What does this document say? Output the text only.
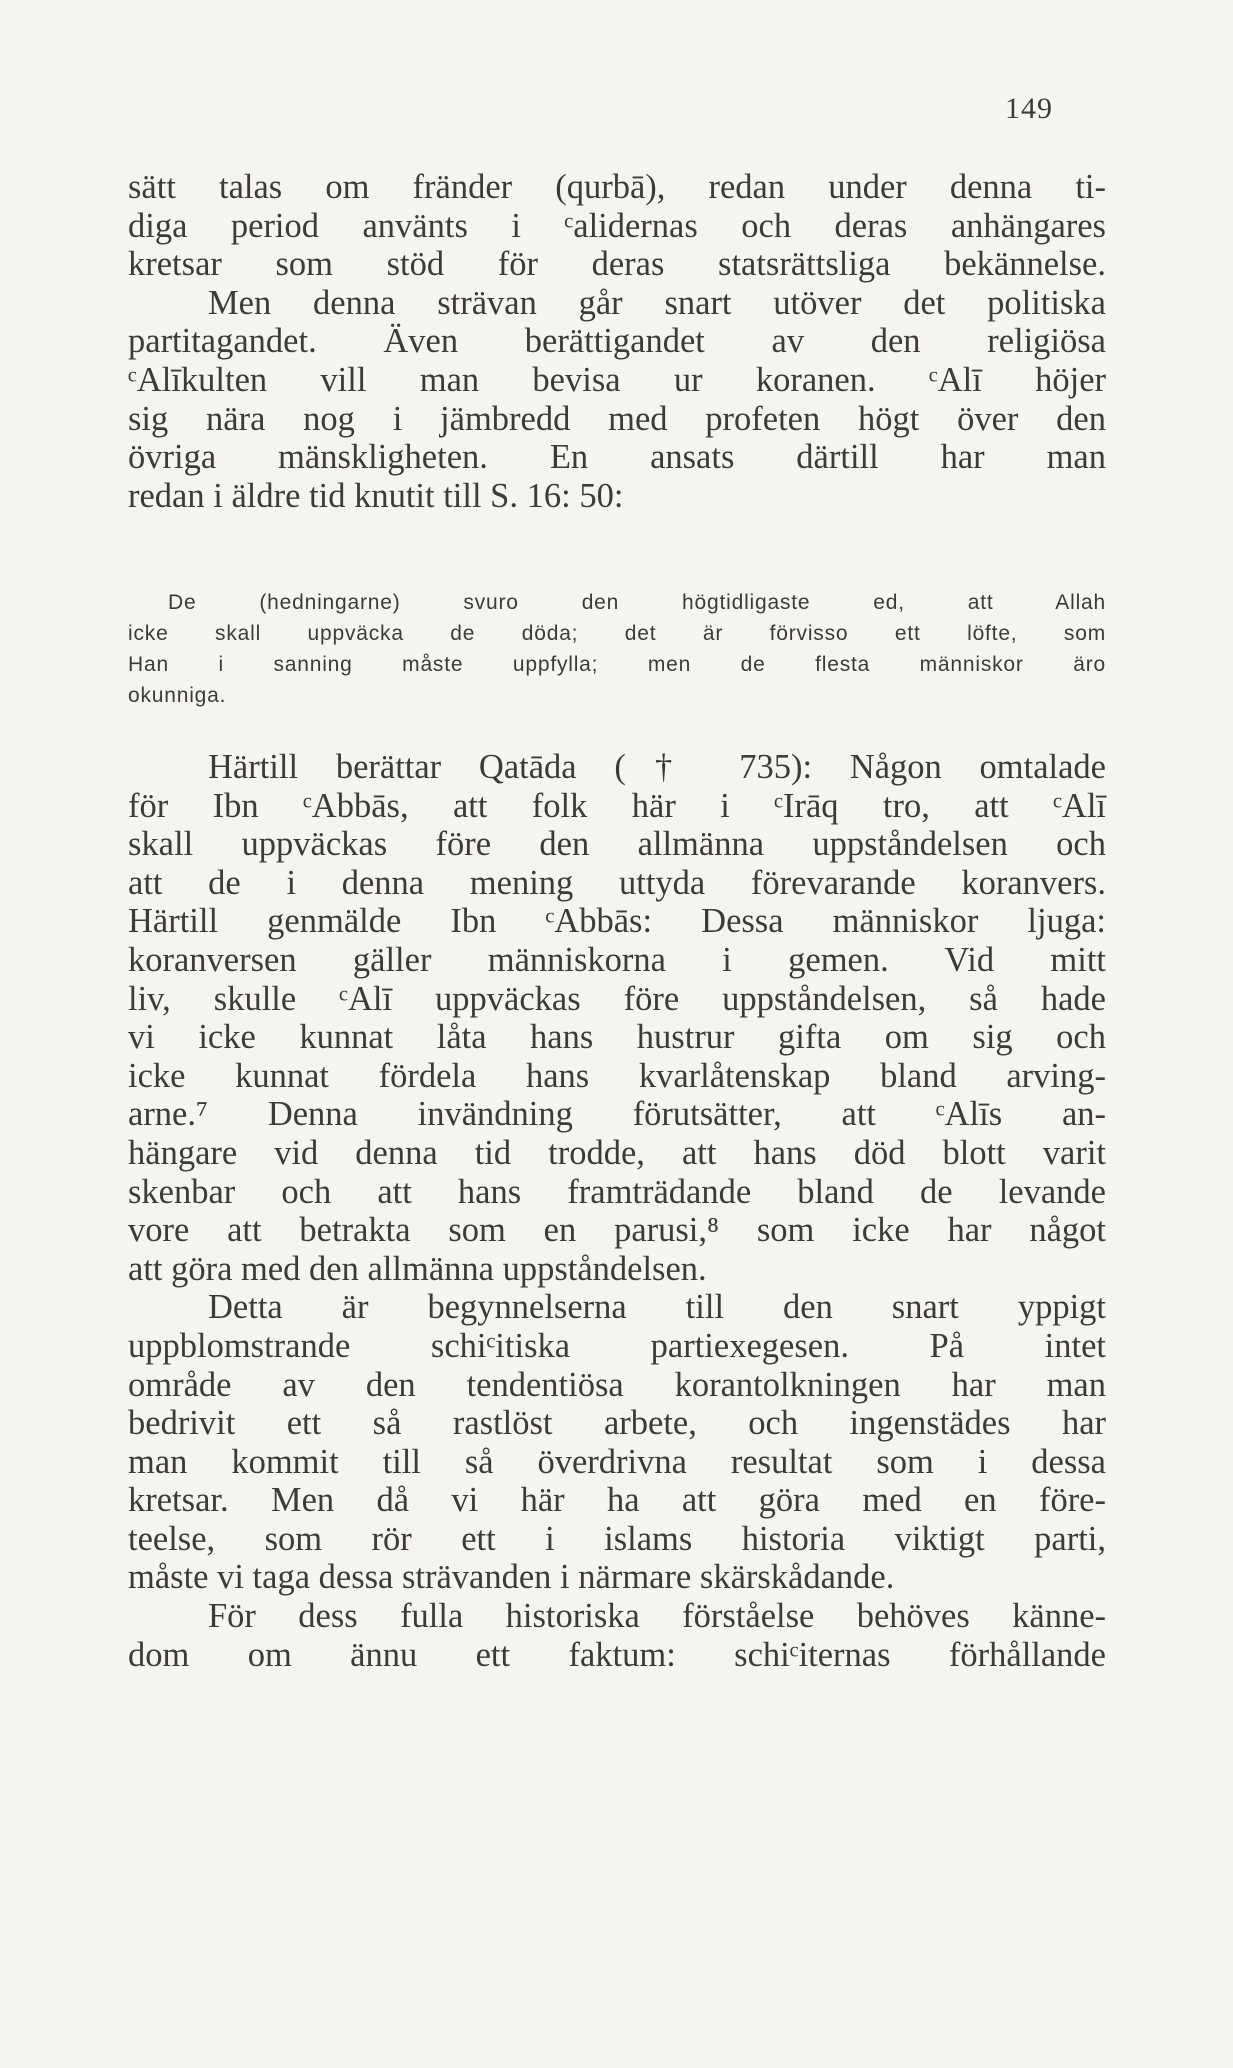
149
sätt talas om fränder (qurbā), redan under denna ti-
diga period använts i ᶜalidernas och deras anhängares
kretsar som stöd för deras statsrättsliga bekännelse.
Men denna strävan går snart utöver det politiska
partitagandet. Även berättigandet av den religiösa
ᶜAlīkulten vill man bevisa ur koranen. ᶜAlī höjer
sig nära nog i jämbredd med profeten högt över den
övriga mänskligheten. En ansats därtill har man
redan i äldre tid knutit till S. 16: 50:
De (hedningarne) svuro den högtidligaste ed, att Allah
icke skall uppväcka de döda; det är förvisso ett löfte, som
Han i sanning måste uppfylla; men de flesta människor äro
okunniga.
Härtill berättar Qatāda († 735): Någon omtalade
för Ibn ᶜAbbās, att folk här i ᶜIrāq tro, att ᶜAlī
skall uppväckas före den allmänna uppståndelsen och
att de i denna mening uttyda förevarande koranvers.
Härtill genmälde Ibn ᶜAbbās: Dessa människor ljuga:
koranversen gäller människorna i gemen. Vid mitt
liv, skulle ᶜAlī uppväckas före uppståndelsen, så hade
vi icke kunnat låta hans hustrur gifta om sig och
icke kunnat fördela hans kvarlåtenskap bland arving-
arne.⁷ Denna invändning förutsätter, att ᶜAlīs an-
hängare vid denna tid trodde, att hans död blott varit
skenbar och att hans framträdande bland de levande
vore att betrakta som en parusi,⁸ som icke har något
att göra med den allmänna uppståndelsen.
Detta är begynnelserna till den snart yppigt
uppblomstrande schiᶜitiska partiexegesen. På intet
område av den tendentiösa korantolkningen har man
bedrivit ett så rastlöst arbete, och ingenstädes har
man kommit till så överdrivna resultat som i dessa
kretsar. Men då vi här ha att göra med en före-
teelse, som rör ett i islams historia viktigt parti,
måste vi taga dessa strävanden i närmare skärskådande.
För dess fulla historiska förståelse behöves känne-
dom om ännu ett faktum: schiᶜiternas förhållande
